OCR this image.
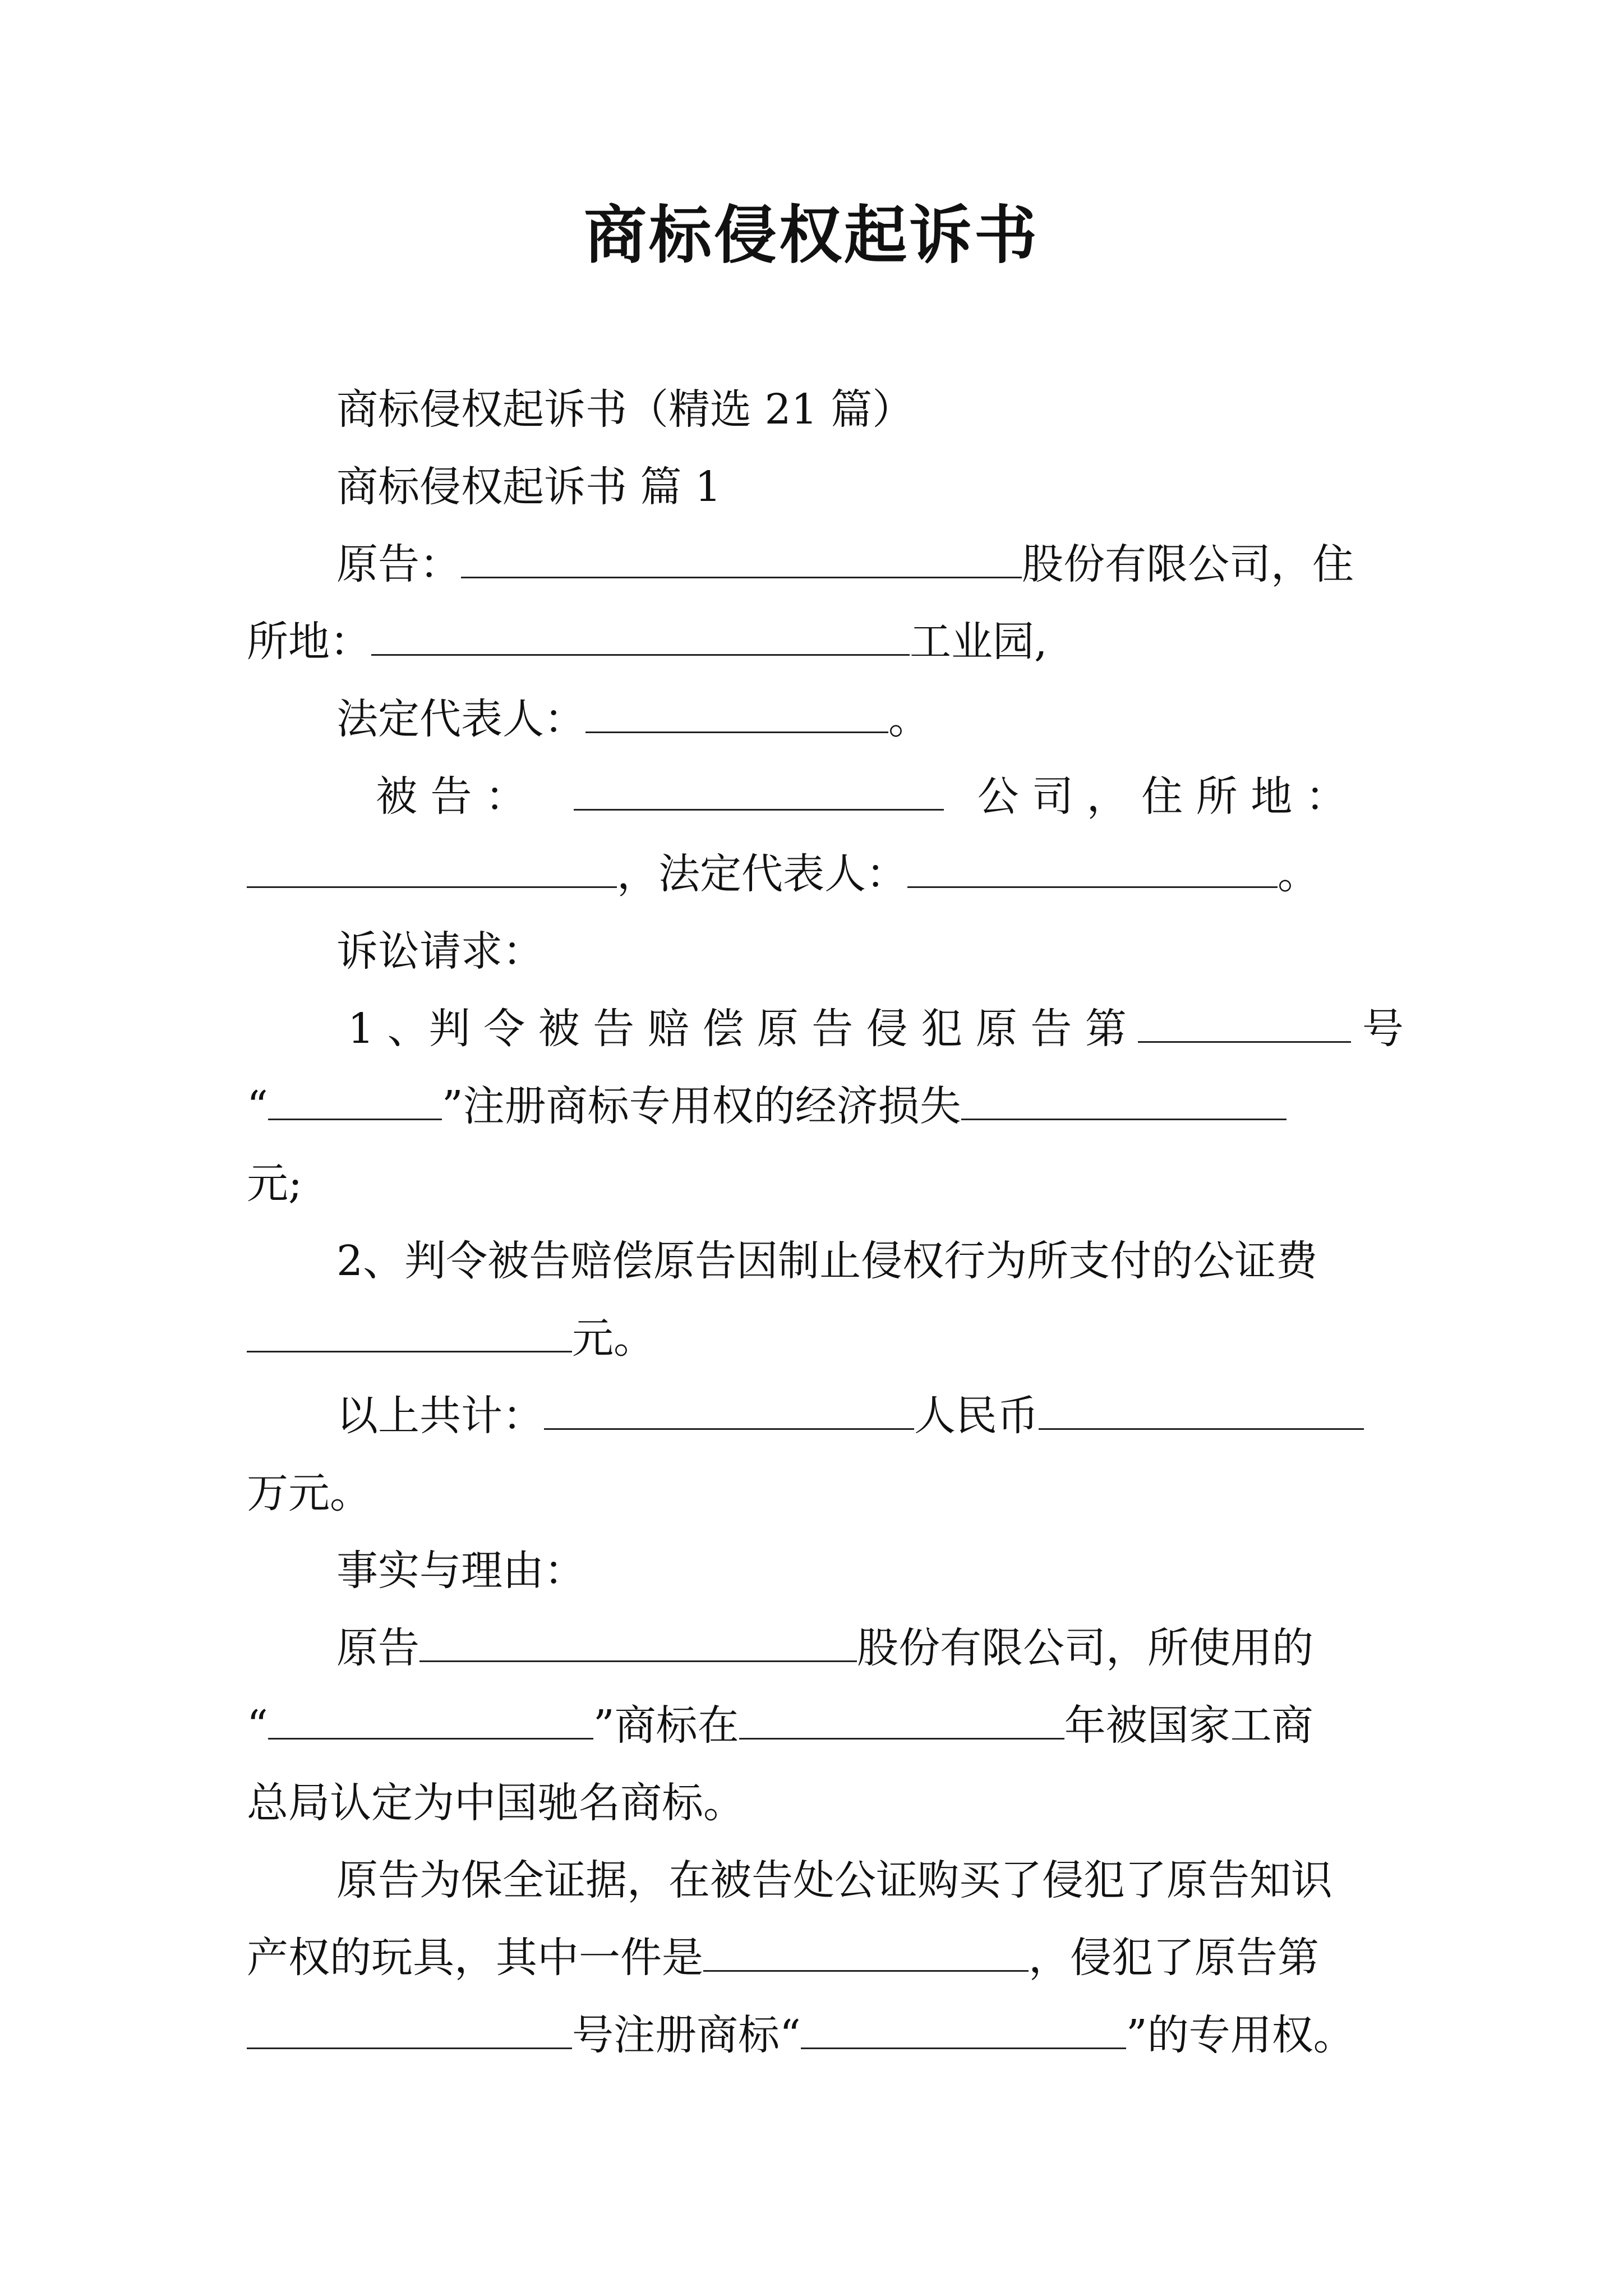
商标侵权起诉书
商标侵权起诉书（精选 21 篇）
商标侵权起诉书 篇 1
原告：	股份有限公司，住
所地：	工业园,
法定代表人：	。
被 告 ：	公 司 ， 住 所 地 ：
，法定代表人：	。
诉讼请求：
1 、判 令 被 告 赔 偿 原 告 侵 犯 原 告 第	号
“	”注册商标专用权的经济损失
元;
2、判令被告赔偿原告因制止侵权行为所支付的公证费
元。
以上共计：	人民币
万元。
事实与理由：
原告	股份有限公司，所使用的
“	”商标在	年被国家工商
总局认定为中国驰名商标。
原告为保全证据，在被告处公证购买了侵犯了原告知识
产权的玩具，其中一件是	，侵犯了原告第
号注册商标“	”的专用权。
